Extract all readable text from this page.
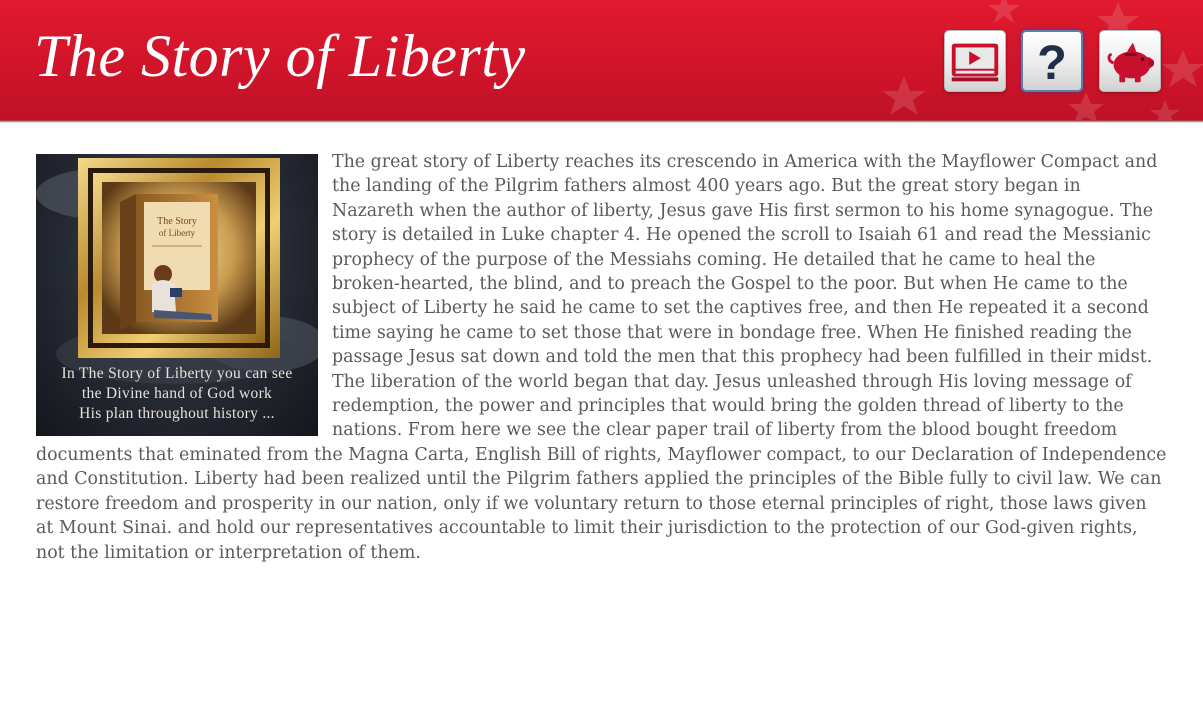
The Story of Liberty	?
The Story
of Liberty

In The Story of Liberty you can see
the Divine hand of God work
His plan throughout history ...

The great story of Liberty reaches its crescendo in America with the Mayflower Compact and the landing of the Pilgrim fathers almost 400 years ago. But the great story began in Nazareth when the author of liberty, Jesus gave His first sermon to his home synagogue. The story is detailed in Luke chapter 4. He opened the scroll to Isaiah 61 and read the Messianic prophecy of the purpose of the Messiahs coming. He detailed that he came to heal the broken-hearted, the blind, and to preach the Gospel to the poor. But when He came to the subject of Liberty he said he came to set the captives free, and then He repeated it a second time saying he came to set those that were in bondage free. When He finished reading the passage Jesus sat down and told the men that this prophecy had been fulfilled in their midst. The liberation of the world began that day. Jesus unleashed through His loving message of redemption, the power and principles that would bring the golden thread of liberty to the nations. From here we see the clear paper trail of liberty from the blood bought freedom documents that eminated from the Magna Carta, English Bill of rights, Mayflower compact, to our Declaration of Independence and Constitution. Liberty had been realized until the Pilgrim fathers applied the principles of the Bible fully to civil law. We can restore freedom and prosperity in our nation, only if we voluntary return to those eternal principles of right, those laws given at Mount Sinai. and hold our representatives accountable to limit their jurisdiction to the protection of our God-given rights, not the limitation or interpretation of them.
